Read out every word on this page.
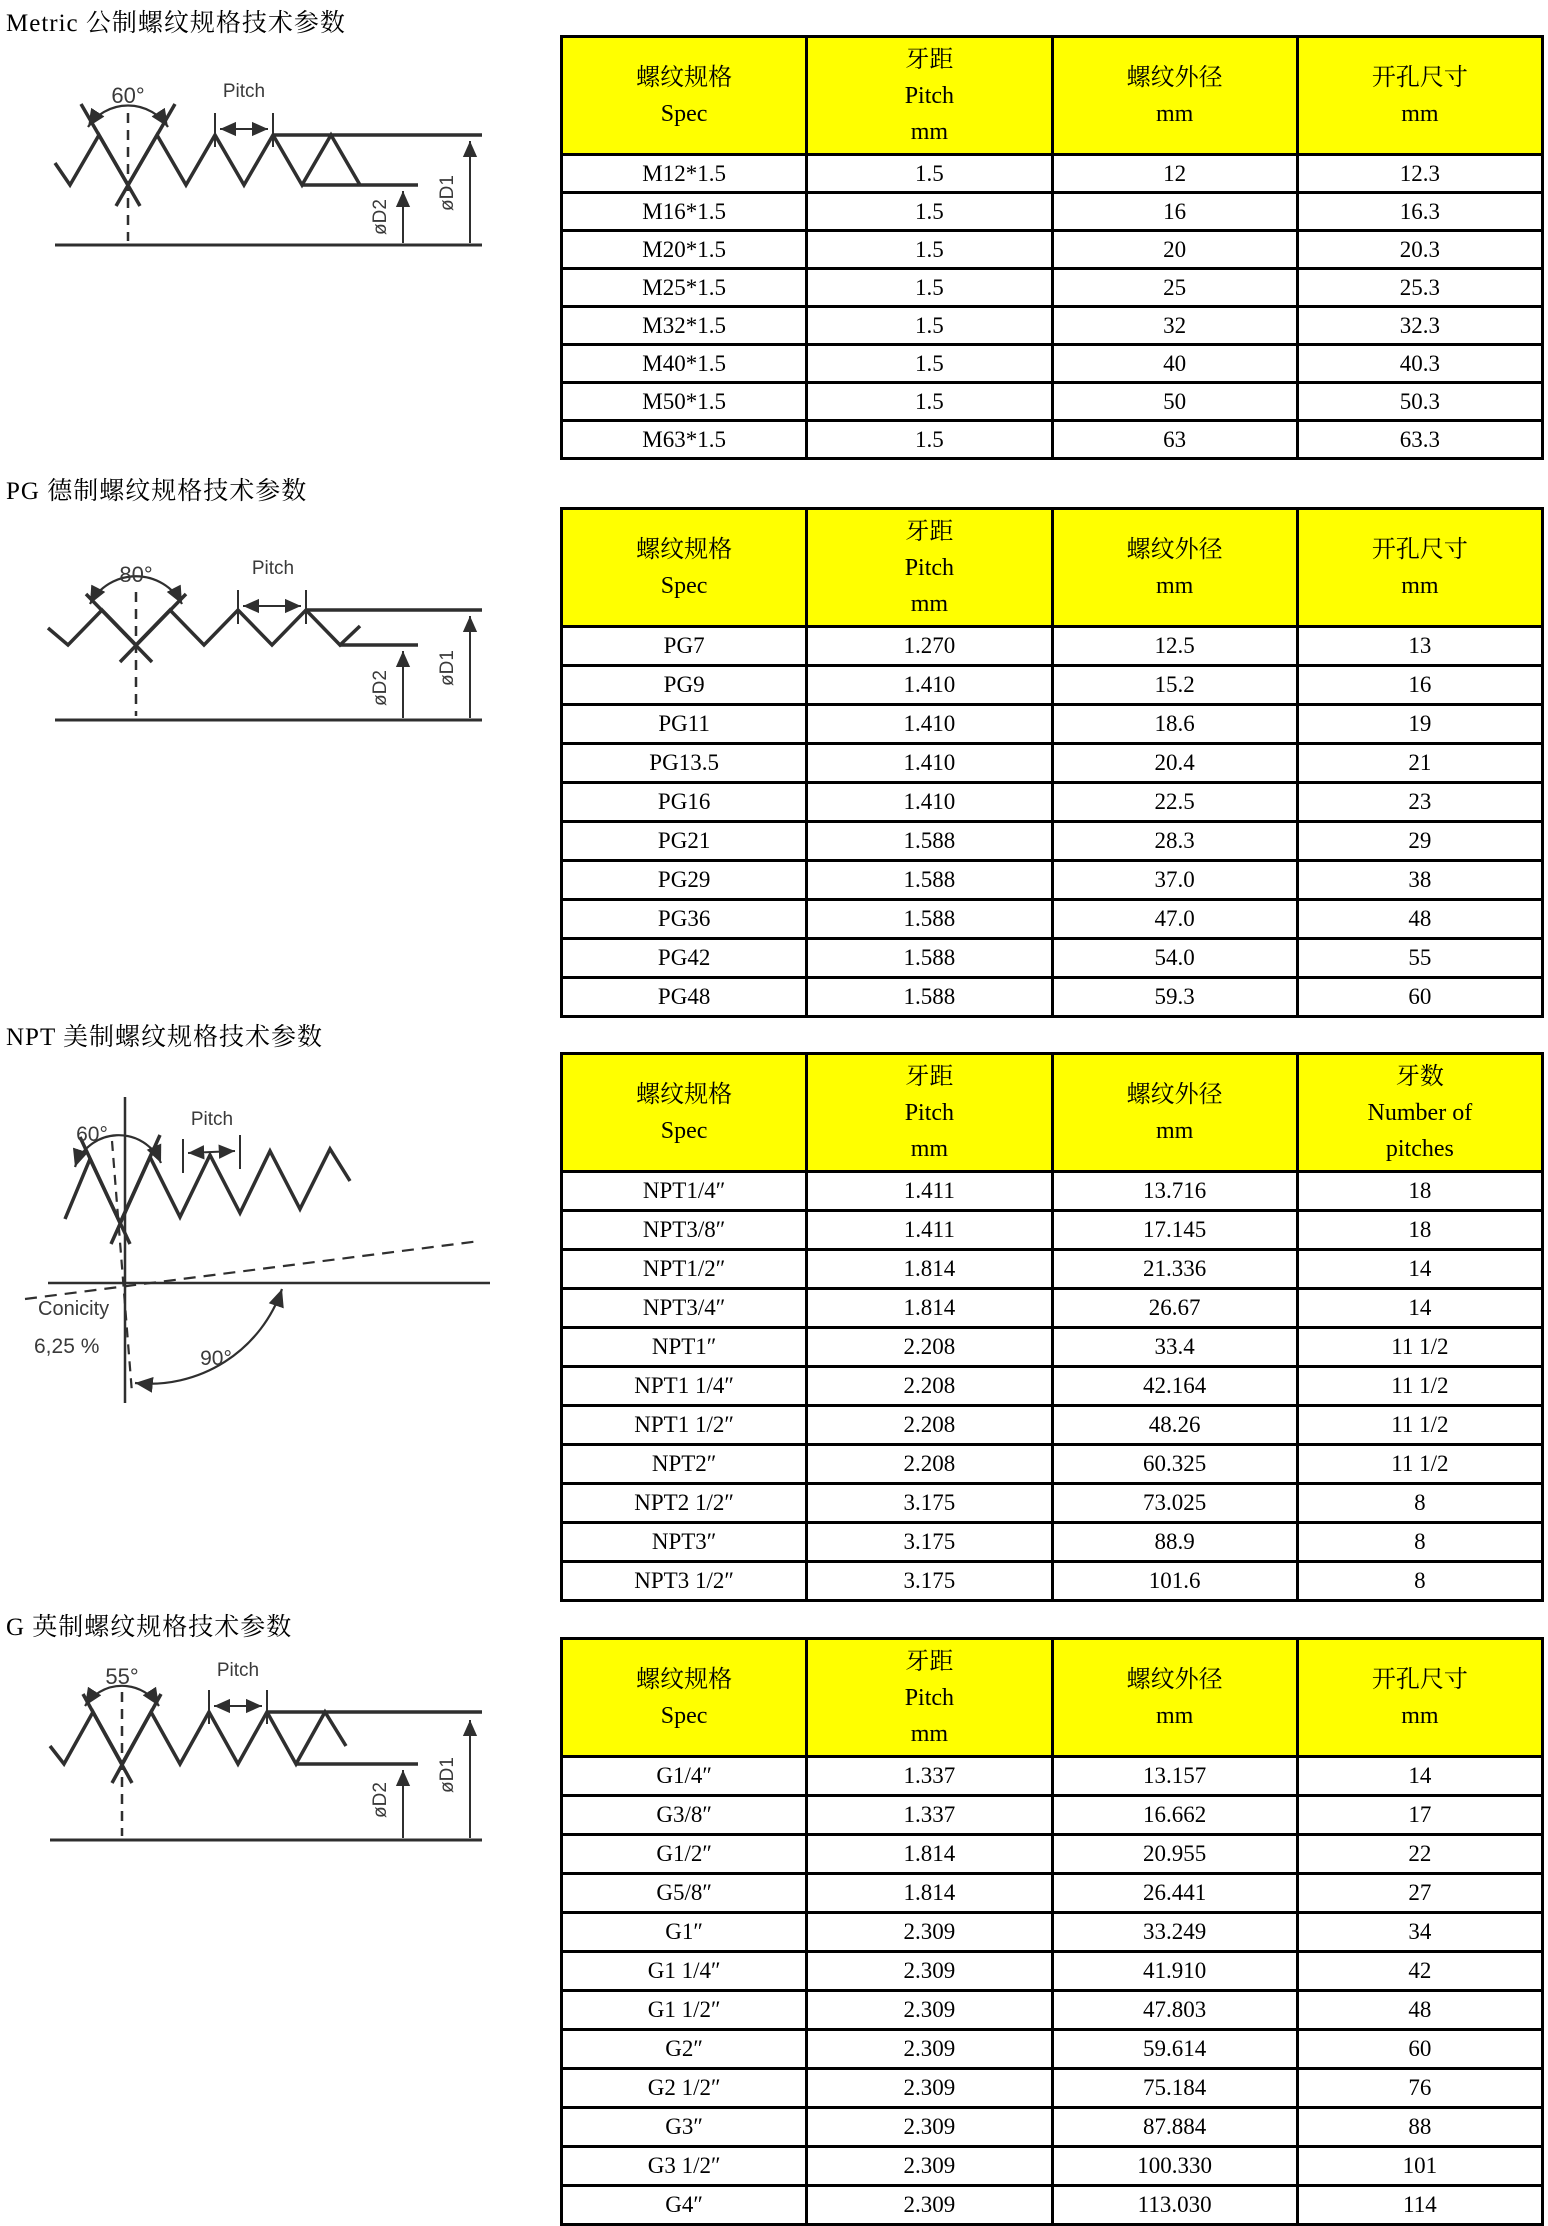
Metric 公制螺纹规格技术参数
PG 德制螺纹规格技术参数
NPT 美制螺纹规格技术参数
G 英制螺纹规格技术参数
60°	Pitch
øD2
øD1
80°	Pitch
øD2
øD1
60°
Pitch
Conicity
6,25 %
90°
55°	Pitch
øD2
øD1
螺纹规格
Spec

牙距
Pitch
mm

螺纹外径
mm

开孔尺寸
mm

M12*1.5	1.5	12	12.3
M16*1.5	1.5	16	16.3
M20*1.5	1.5	20	20.3
M25*1.5	1.5	25	25.3
M32*1.5	1.5	32	32.3
M40*1.5	1.5	40	40.3
M50*1.5	1.5	50	50.3
M63*1.5	1.5	63	63.3
螺纹规格
Spec

牙距
Pitch
mm

螺纹外径
mm

开孔尺寸
mm

PG7	1.270	12.5	13
PG9	1.410	15.2	16
PG11	1.410	18.6	19
PG13.5	1.410	20.4	21
PG16	1.410	22.5	23
PG21	1.588	28.3	29
PG29	1.588	37.0	38
PG36	1.588	47.0	48
PG42	1.588	54.0	55
PG48	1.588	59.3	60
螺纹规格
Spec

牙距
Pitch
mm

螺纹外径
mm

牙数
Number of
pitches

NPT1/4″	1.411	13.716	18
NPT3/8″	1.411	17.145	18
NPT1/2″	1.814	21.336	14
NPT3/4″	1.814	26.67	14
NPT1″	2.208	33.4	11 1/2
NPT1 1/4″	2.208	42.164	11 1/2
NPT1 1/2″	2.208	48.26	11 1/2
NPT2″	2.208	60.325	11 1/2
NPT2 1/2″	3.175	73.025	8
NPT3″	3.175	88.9	8
NPT3 1/2″	3.175	101.6	8
螺纹规格
Spec

牙距
Pitch
mm

螺纹外径
mm

开孔尺寸
mm

G1/4″	1.337	13.157	14
G3/8″	1.337	16.662	17
G1/2″	1.814	20.955	22
G5/8″	1.814	26.441	27
G1″	2.309	33.249	34
G1 1/4″	2.309	41.910	42
G1 1/2″	2.309	47.803	48
G2″	2.309	59.614	60
G2 1/2″	2.309	75.184	76
G3″	2.309	87.884	88
G3 1/2″	2.309	100.330	101
G4″	2.309	113.030	114
